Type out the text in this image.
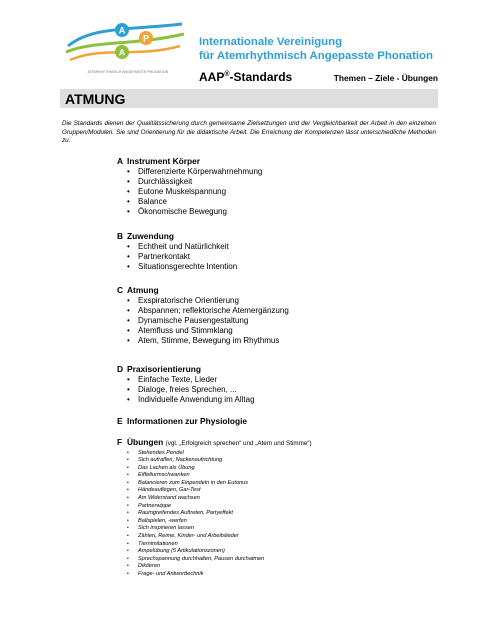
A
P
A
ATEMRHYTHMISCH ANGEPASSTE PHONATION
Internationale Vereinigung
für Atemrhythmisch Angepasste Phonation
AAP®-Standards	Themen – Ziele - Übungen
ATMUNG
Die Standards dienen der Qualitätssicherung durch gemeinsame Zielsetzungen und der Vergleichbarkeit der Arbeit in den einzelnen Gruppen/Modulen. Sie sind Orientierung für die didaktische Arbeit. Die Erreichung der Kompetenzen lässt unterschiedliche Methoden zu.
A Instrument Körper
• Differenzierte Körperwahrnehmung
• Durchlässigkeit
• Eutone Muskelspannung
• Balance
• Ökonomische Bewegung
B Zuwendung
• Echtheit und Natürlichkeit
• Partnerkontakt
• Situationsgerechte Intention
C Atmung
• Exspiratorische Orientierung
• Abspannen; reflektorische Atemergänzung
• Dynamische Pausengestaltung
• Atemfluss und Stimmklang
• Atem, Stimme, Bewegung im Rhythmus
D Praxisorientierung
• Einfache Texte, Lieder
• Dialoge, freies Sprechen, ...
• Individuelle Anwendung im Alltag
E Informationen zur Physiologie
F Übungen (vgl. „Erfolgreich sprechen“ und „Atem und Stimme“)
• Stehendes Pendel
• Sich aufraffen, Nackenaufrichtung
• Das Lachen als Übung
• Eiffelturmschwanken
• Balancieren zum Einpendeln in den Eutonus
• Händeauflegen, Gar-Test
• Am Widerstand wachsen
• Partnerwippe
• Raumgreifendes Auftreten, Partyeffekt
• Ballspielen, -werfen
• Sich inspirieren lassen
• Zählen, Reime, Kinder- und Arbeitslieder
• Tiernimitationen
• Ampelübung (5 Artikulationszonen)
• Sprechspannung durchhalten, Pausen durchatmen
• Diktieren
• Frage- und Antworttechnik
